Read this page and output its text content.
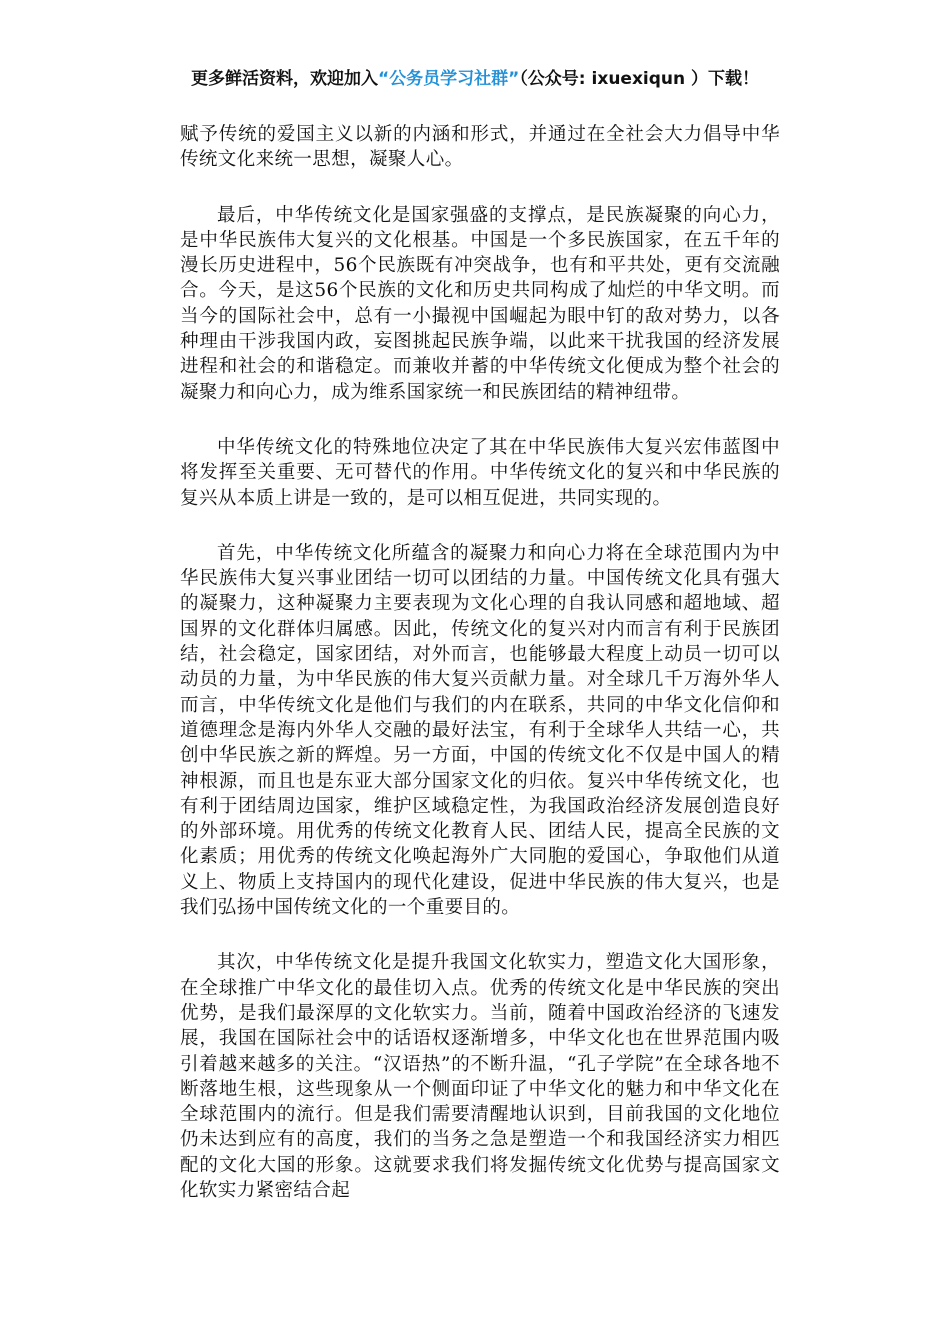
更多鲜活资料，欢迎加入“公务员学习社群”（公众号: ixuexiqun ）下载！

赋予传统的爱国主义以新的内涵和形式，并通过在全社会大力倡导中华传统文化来统一思想，凝聚人心。

最后，中华传统文化是国家强盛的支撑点，是民族凝聚的向心力，是中华民族伟大复兴的文化根基。中国是一个多民族国家，在五千年的漫长历史进程中，56个民族既有冲突战争，也有和平共处，更有交流融合。今天，是这56个民族的文化和历史共同构成了灿烂的中华文明。而当今的国际社会中，总有一小撮视中国崛起为眼中钉的敌对势力，以各种理由干涉我国内政，妄图挑起民族争端，以此来干扰我国的经济发展进程和社会的和谐稳定。而兼收并蓄的中华传统文化便成为整个社会的凝聚力和向心力，成为维系国家统一和民族团结的精神纽带。

中华传统文化的特殊地位决定了其在中华民族伟大复兴宏伟蓝图中将发挥至关重要、无可替代的作用。中华传统文化的复兴和中华民族的复兴从本质上讲是一致的，是可以相互促进，共同实现的。

首先，中华传统文化所蕴含的凝聚力和向心力将在全球范围内为中华民族伟大复兴事业团结一切可以团结的力量。中国传统文化具有强大的凝聚力，这种凝聚力主要表现为文化心理的自我认同感和超地域、超国界的文化群体归属感。因此，传统文化的复兴对内而言有利于民族团结，社会稳定，国家团结，对外而言，也能够最大程度上动员一切可以动员的力量，为中华民族的伟大复兴贡献力量。对全球几千万海外华人而言，中华传统文化是他们与我们的内在联系，共同的中华文化信仰和道德理念是海内外华人交融的最好法宝，有利于全球华人共结一心，共创中华民族之新的辉煌。另一方面，中国的传统文化不仅是中国人的精神根源，而且也是东亚大部分国家文化的归依。复兴中华传统文化，也有利于团结周边国家，维护区域稳定性，为我国政治经济发展创造良好的外部环境。用优秀的传统文化教育人民、团结人民，提高全民族的文化素质；用优秀的传统文化唤起海外广大同胞的爱国心，争取他们从道义上、物质上支持国内的现代化建设，促进中华民族的伟大复兴，也是我们弘扬中国传统文化的一个重要目的。

其次，中华传统文化是提升我国文化软实力，塑造文化大国形象，在全球推广中华文化的最佳切入点。优秀的传统文化是中华民族的突出优势，是我们最深厚的文化软实力。当前，随着中国政治经济的飞速发展，我国在国际社会中的话语权逐渐增多，中华文化也在世界范围内吸引着越来越多的关注。“汉语热”的不断升温，“孔子学院”在全球各地不断落地生根，这些现象从一个侧面印证了中华文化的魅力和中华文化在全球范围内的流行。但是我们需要清醒地认识到，目前我国的文化地位仍未达到应有的高度，我们的当务之急是塑造一个和我国经济实力相匹配的文化大国的形象。这就要求我们将发掘传统文化优势与提高国家文化软实力紧密结合起
